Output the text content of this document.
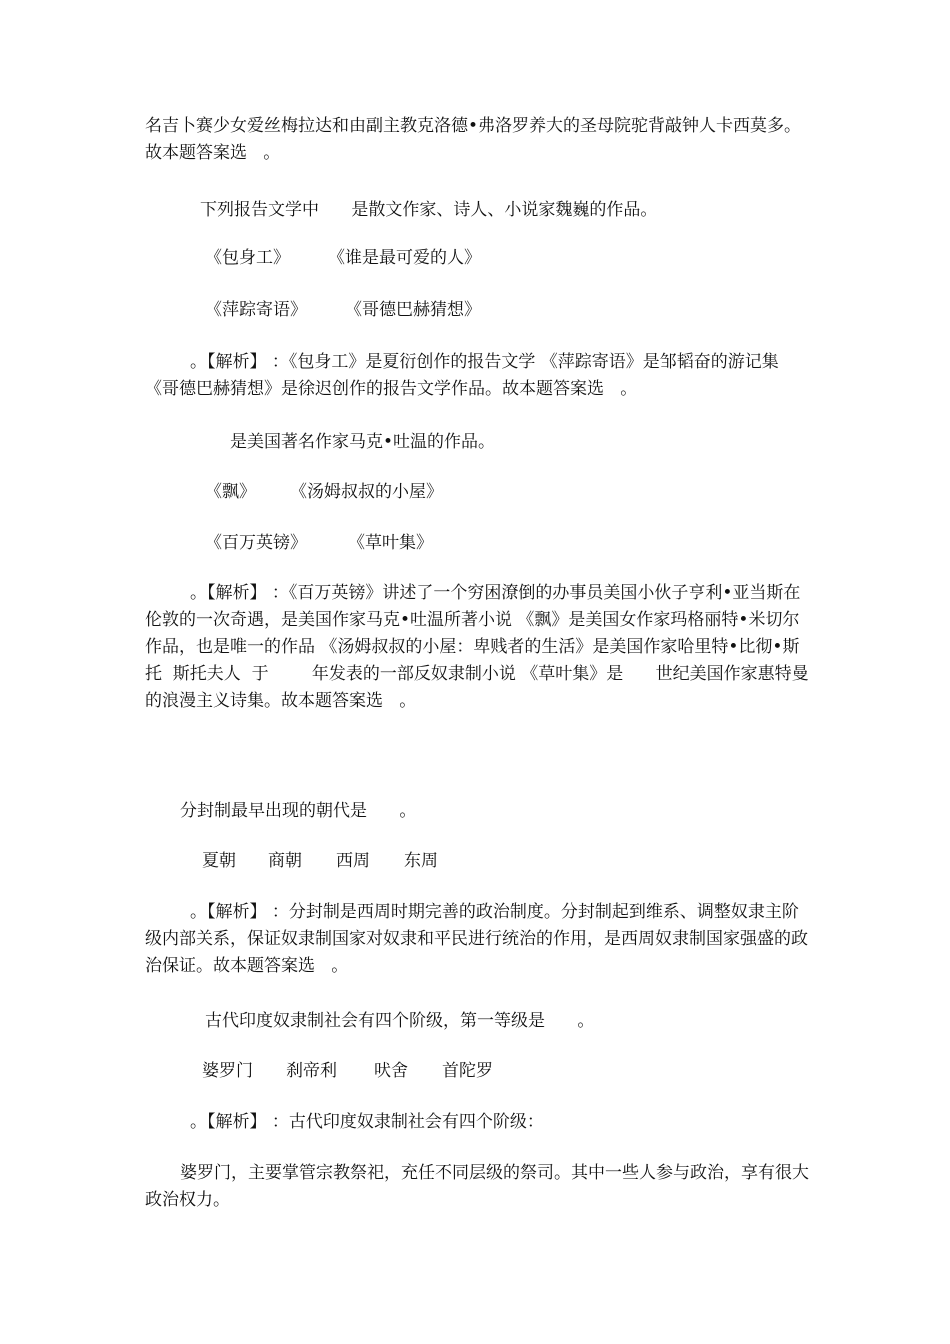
名吉卜赛少女爱丝梅拉达和由副主教克洛德•弗洛罗养大的圣母院驼背敲钟人卡西莫多。故本题答案选   。

下列报告文学中      是散文作家、诗人、小说家魏巍的作品。

《包身工》 《谁是最可爱的人》
《萍踪寄语》 《哥德巴赫猜想》

。【解析】 ：《包身工》是夏衍创作的报告文学 《萍踪寄语》是邹韬奋的游记集 《哥德巴赫猜想》是徐迟创作的报告文学作品。故本题答案选   。

是美国著名作家马克•吐温的作品。

《飘》 《汤姆叔叔的小屋》
《百万英镑》 《草叶集》

。【解析】 ：《百万英镑》讲述了一个穷困潦倒的办事员美国小伙子亨利•亚当斯在伦敦的一次奇遇，是美国作家马克•吐温所著小说 《飘》是美国女作家玛格丽特•米切尔  作品，也是唯一的作品 《汤姆叔叔的小屋：卑贱者的生活》是美国作家哈里特•比彻•斯托  斯托夫人  于        年发表的一部反奴隶制小说 《草叶集》是      世纪美国作家惠特曼的浪漫主义诗集。故本题答案选   。

分封制最早出现的朝代是      。

夏朝 商朝 西周 东周

。【解析】 ：分封制是西周时期完善的政治制度。分封制起到维系、调整奴隶主阶级内部关系，保证奴隶制国家对奴隶和平民进行统治的作用，是西周奴隶制国家强盛的政治保证。故本题答案选   。

古代印度奴隶制社会有四个阶级，第一等级是      。

婆罗门 刹帝利 吠舍 首陀罗

。【解析】 ：古代印度奴隶制社会有四个阶级：

婆罗门，主要掌管宗教祭祀，充任不同层级的祭司。其中一些人参与政治，享有很大政治权力。
